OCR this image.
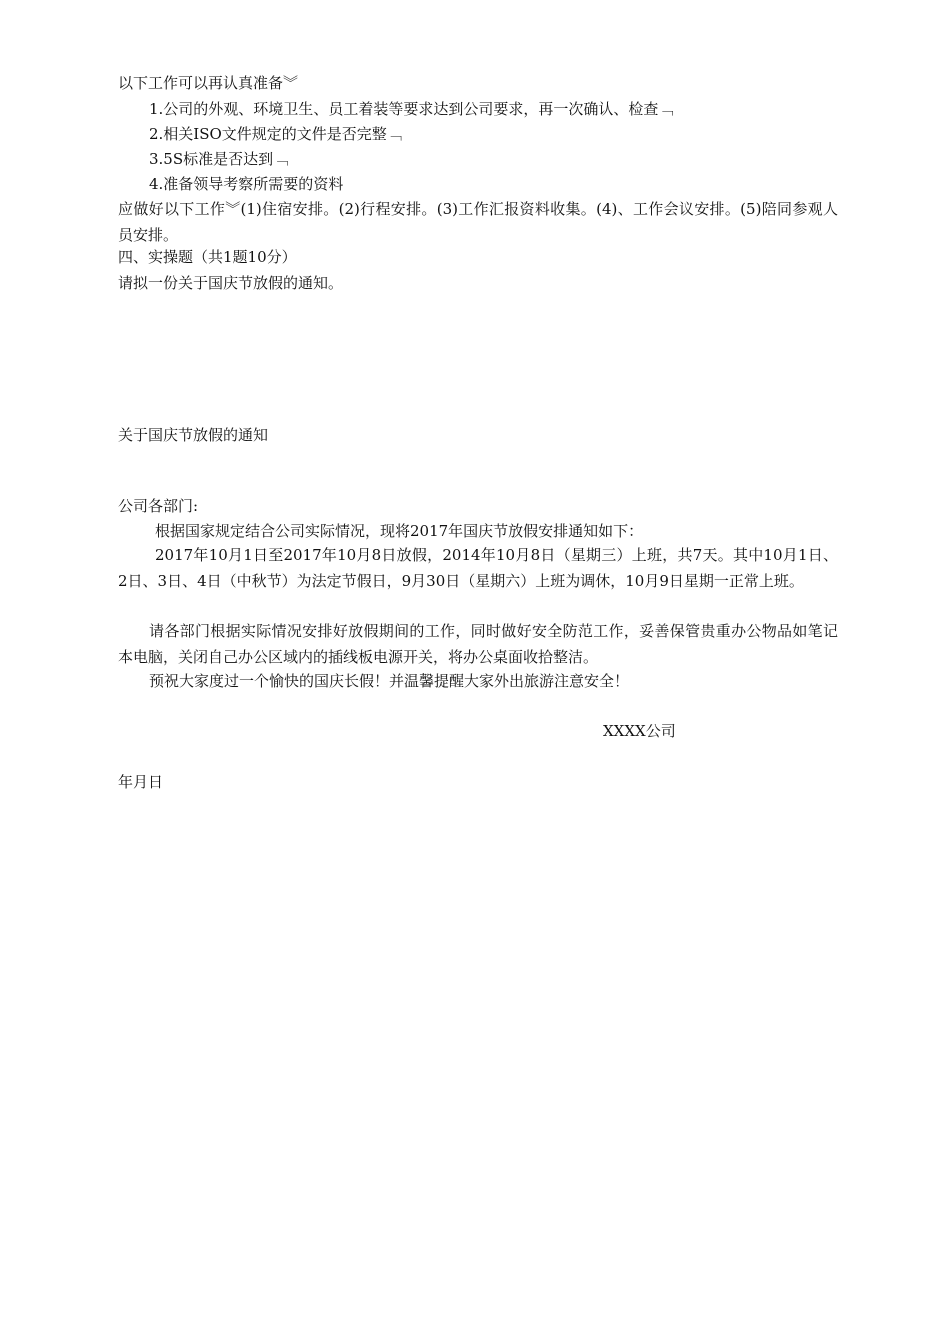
以下工作可以再认真准备︾
1.公司的外观、环境卫生、员工着装等要求达到公司要求，再一次确认、检查﹁
2.相关ISO文件规定的文件是否完整﹁
3.5S标准是否达到﹁
4.准备领导考察所需要的资料
应做好以下工作︾(1)住宿安排。(2)行程安排。(3)工作汇报资料收集。(4)、工作会议安排。(5)陪同参观人员安排。
四、实操题（共1题10分）
请拟一份关于国庆节放假的通知。
关于国庆节放假的通知
公司各部门:
根据国家规定结合公司实际情况，现将2017年国庆节放假安排通知如下：
2017年10月1日至2017年10月8日放假，2014年10月8日（星期三）上班，共7天。其中10月1日、2日、3日、4日（中秋节）为法定节假日，9月30日（星期六）上班为调休，10月9日星期一正常上班。
请各部门根据实际情况安排好放假期间的工作，同时做好安全防范工作，妥善保管贵重办公物品如笔记本电脑，关闭自己办公区域内的插线板电源开关，将办公桌面收拾整洁。
预祝大家度过一个愉快的国庆长假！并温馨提醒大家外出旅游注意安全！
XXXX公司
年月日
